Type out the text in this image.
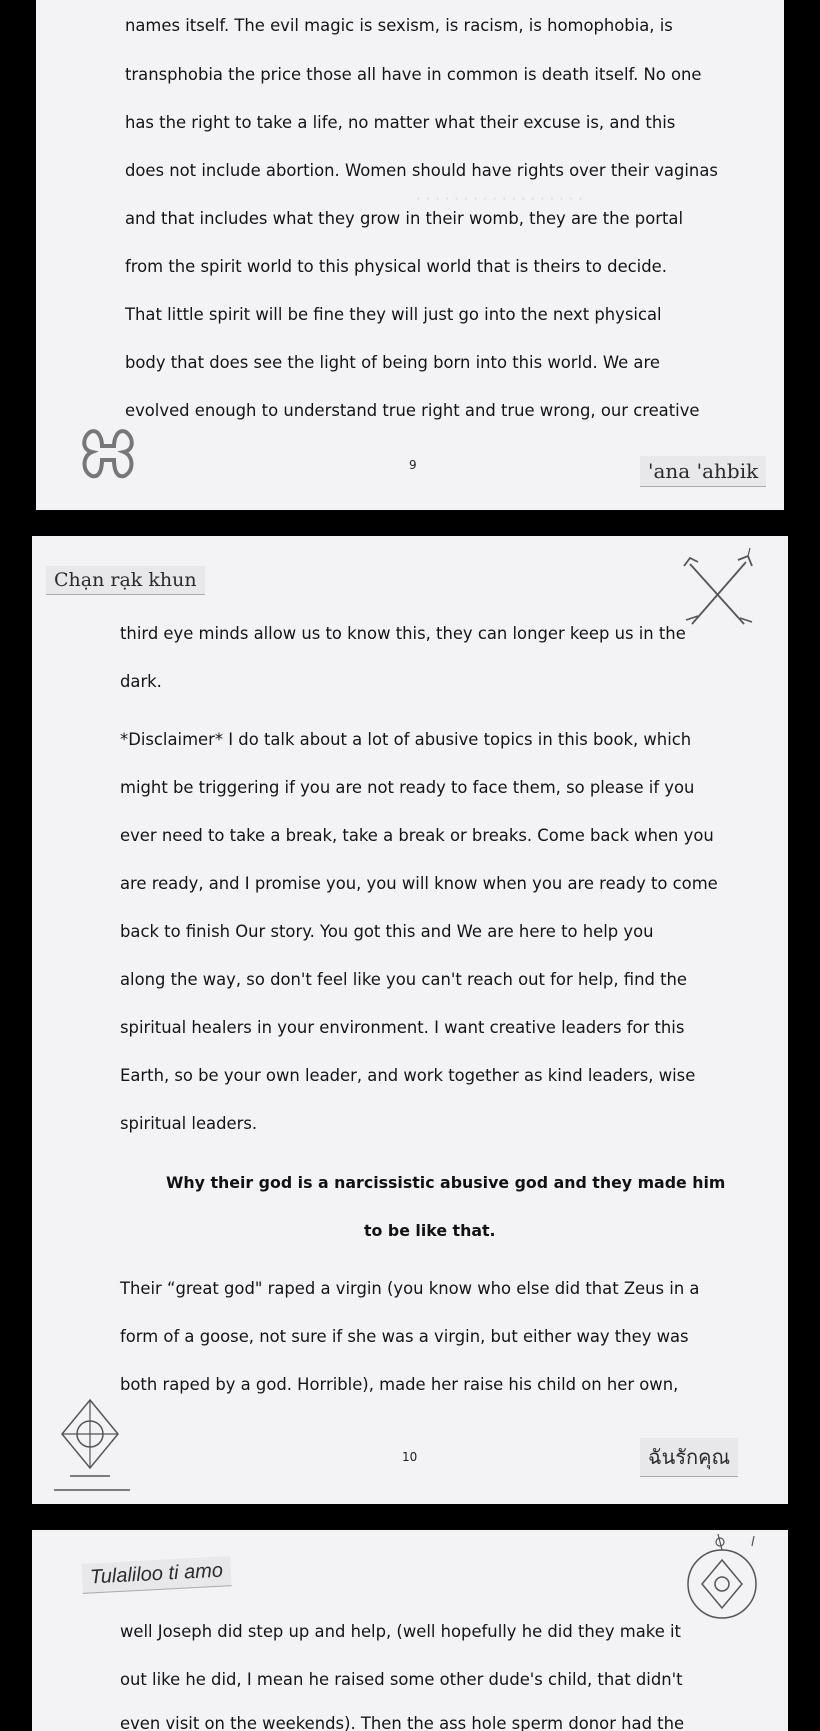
· · · · · · · · · · · · · · · · · ·
names itself. The evil magic is sexism, is racism, is homophobia, is
transphobia the price those all have in common is death itself. No one
has the right to take a life, no matter what their excuse is, and this
does not include abortion. Women should have rights over their vaginas
and that includes what they grow in their womb, they are the portal
from the spirit world to this physical world that is theirs to decide.
That little spirit will be fine they will just go into the next physical
body that does see the light of being born into this world. We are
evolved enough to understand true right and true wrong, our creative
9	'ana 'ahbik
Chạn rạk khun
third eye minds allow us to know this, they can longer keep us in the
dark.
*Disclaimer* I do talk about a lot of abusive topics in this book, which
might be triggering if you are not ready to face them, so please if you
ever need to take a break, take a break or breaks. Come back when you
are ready, and I promise you, you will know when you are ready to come
back to finish Our story. You got this and We are here to help you
along the way, so don't feel like you can't reach out for help, find the
spiritual healers in your environment. I want creative leaders for this
Earth, so be your own leader, and work together as kind leaders, wise
spiritual leaders.
Why their god is a narcissistic abusive god and they made him
to be like that.
Their “great god" raped a virgin (you know who else did that Zeus in a
form of a goose, not sure if she was a virgin, but either way they was
both raped by a god. Horrible), made her raise his child on her own,
10	ฉันรักคุณ
Tulaliloo ti amo
well Joseph did step up and help, (well hopefully he did they make it
out like he did, I mean he raised some other dude's child, that didn't
even visit on the weekends). Then the ass hole sperm donor had the
